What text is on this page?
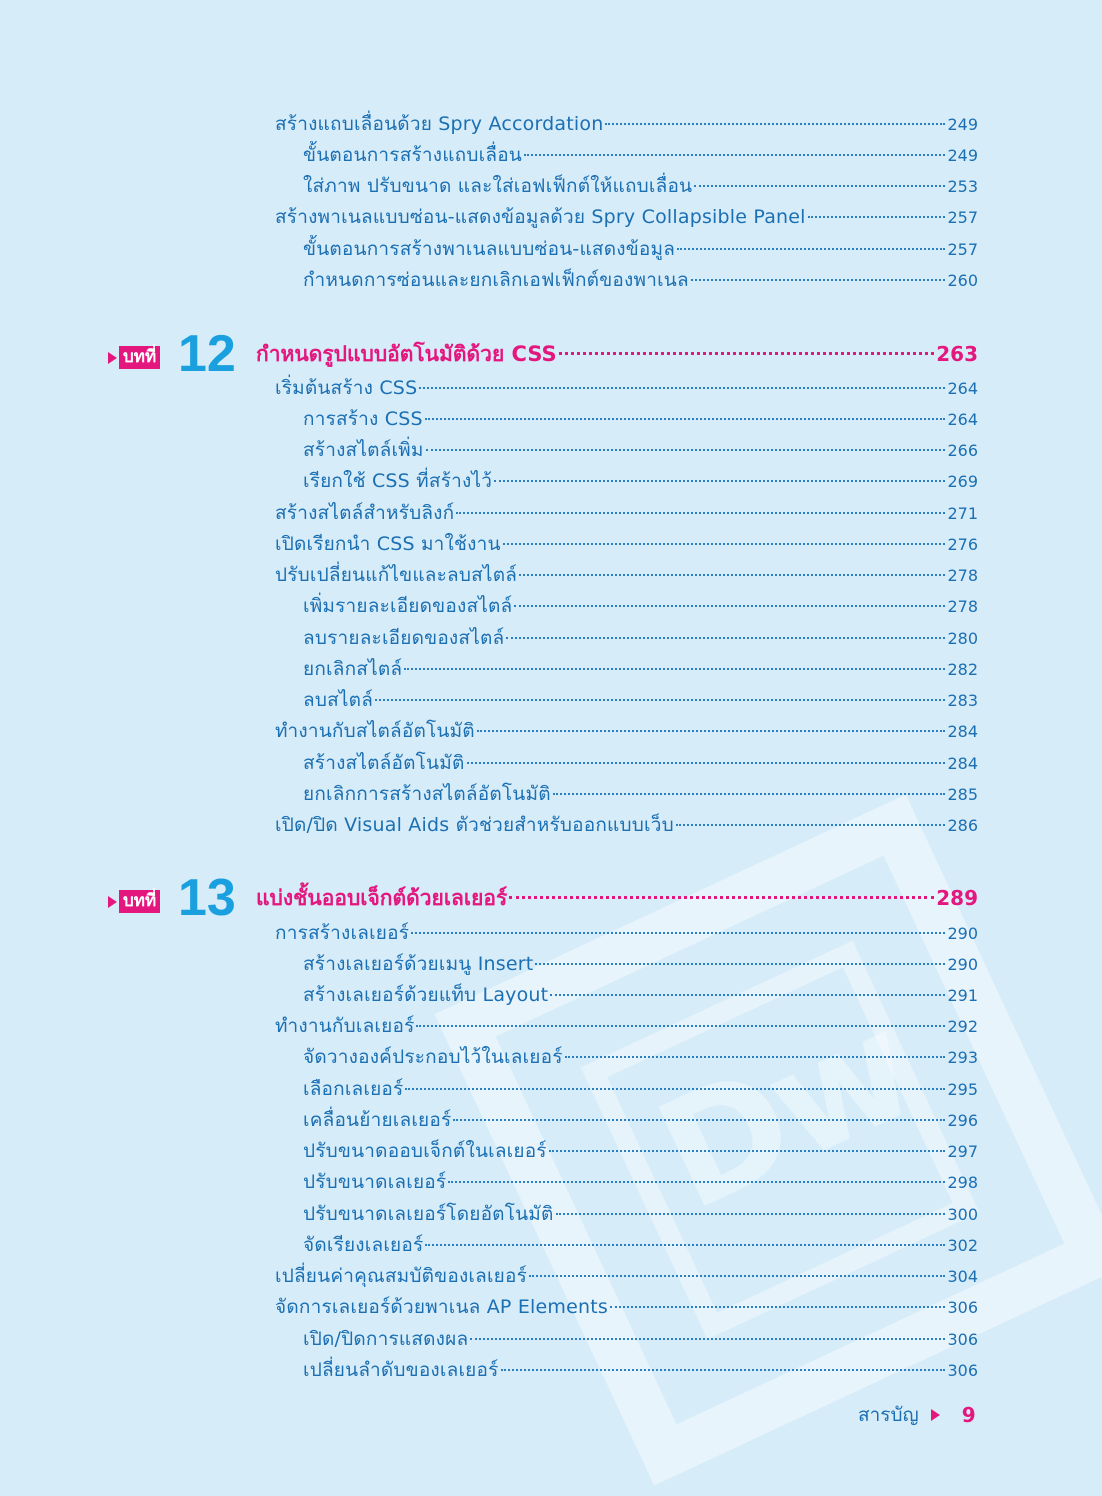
Dw
สร้างแถบเลื่อนด้วย Spry Accordation	249
ขั้นตอนการสร้างแถบเลื่อน	249
ใส่ภาพ ปรับขนาด และใส่เอฟเฟ็กต์ให้แถบเลื่อน	253
สร้างพาเนลแบบซ่อน-แสดงข้อมูลด้วย Spry Collapsible Panel	257
ขั้นตอนการสร้างพาเนลแบบซ่อน-แสดงข้อมูล	257
กำหนดการซ่อนและยกเลิกเอฟเฟ็กต์ของพาเนล	260
บทที่ 12 กำหนดรูปแบบอัตโนมัติด้วย CSS	263
เริ่มต้นสร้าง CSS	264
การสร้าง CSS	264
สร้างสไตล์เพิ่ม	266
เรียกใช้ CSS ที่สร้างไว้	269
สร้างสไตล์สำหรับลิงก์	271
เปิดเรียกนำ CSS มาใช้งาน	276
ปรับเปลี่ยนแก้ไขและลบสไตล์	278
เพิ่มรายละเอียดของสไตล์	278
ลบรายละเอียดของสไตล์	280
ยกเลิกสไตล์	282
ลบสไตล์	283
ทำงานกับสไตล์อัตโนมัติ	284
สร้างสไตล์อัตโนมัติ	284
ยกเลิกการสร้างสไตล์อัตโนมัติ	285
เปิด/ปิด Visual Aids ตัวช่วยสำหรับออกแบบเว็บ	286
บทที่ 13 แบ่งชั้นออบเจ็กต์ด้วยเลเยอร์	289
การสร้างเลเยอร์	290
สร้างเลเยอร์ด้วยเมนู Insert	290
สร้างเลเยอร์ด้วยแท็บ Layout	291
ทำงานกับเลเยอร์	292
จัดวางองค์ประกอบไว้ในเลเยอร์	293
เลือกเลเยอร์	295
เคลื่อนย้ายเลเยอร์	296
ปรับขนาดออบเจ็กต์ในเลเยอร์	297
ปรับขนาดเลเยอร์	298
ปรับขนาดเลเยอร์โดยอัตโนมัติ	300
จัดเรียงเลเยอร์	302
เปลี่ยนค่าคุณสมบัติของเลเยอร์	304
จัดการเลเยอร์ด้วยพาเนล AP Elements	306
เปิด/ปิดการแสดงผล	306
เปลี่ยนลำดับของเลเยอร์	306
สารบัญ 9
